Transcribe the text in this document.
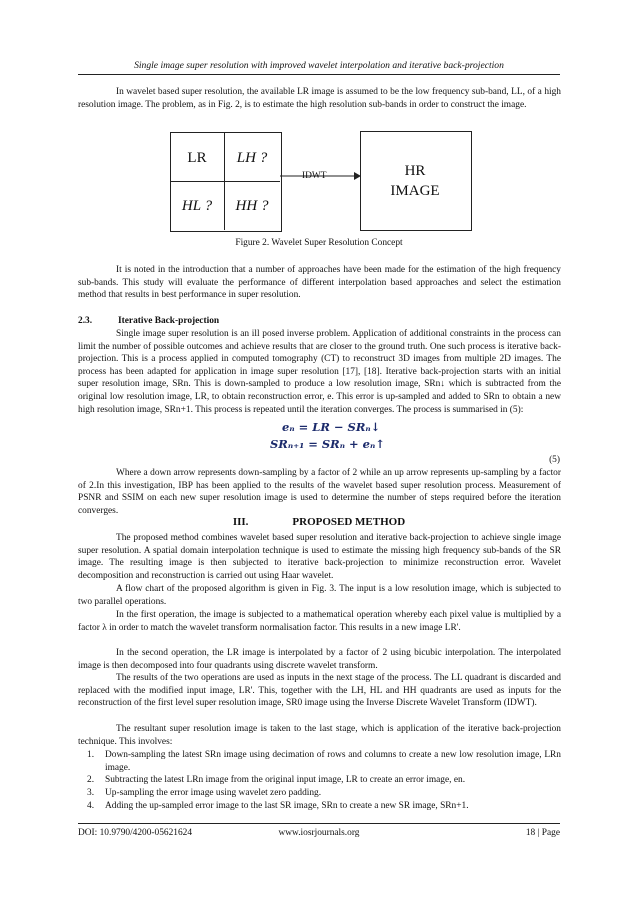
Single image super resolution with improved wavelet interpolation and iterative back-projection

In wavelet based super resolution, the available LR image is assumed to be the low frequency sub-band, LL, of a high resolution image. The problem, as in Fig. 2, is to estimate the high resolution sub-bands in order to construct the image.

LR	LH ?
HL ?	HH ?
IDWT	HR
IMAGE
Figure 2. Wavelet Super Resolution Concept

It is noted in the introduction that a number of approaches have been made for the estimation of the high frequency sub-bands. This study will evaluate the performance of different interpolation based approaches and select the estimation method that results in best performance in super resolution.

2.3.	Iterative Back-projection

Single image super resolution is an ill posed inverse problem. Application of additional constraints in the process can limit the number of possible outcomes and achieve results that are closer to the ground truth. One such process is iterative back-projection. This is a process applied in computed tomography (CT) to reconstruct 3D images from multiple 2D images. The process has been adapted for application in image super resolution [17], [18]. Iterative back-projection starts with an initial super resolution image, SRn. This is down-sampled to produce a low resolution image, SRn↓ which is subtracted from the original low resolution image, LR, to obtain reconstruction error, e. This error is up-sampled and added to SRn to obtain a new high resolution image, SRn+1. This process is repeated until the iteration converges. The process is summarised in (5):

eₙ = LR − SRₙ↓
SRₙ₊₁ = SRₙ + eₙ↑
(5)

Where a down arrow represents down-sampling by a factor of 2 while an up arrow represents up-sampling by a factor of 2.In this investigation, IBP has been applied to the results of the wavelet based super resolution process. Measurement of PSNR and SSIM on each new super resolution image is used to determine the number of steps required before the iteration converges.

III.	PROPOSED METHOD

The proposed method combines wavelet based super resolution and iterative back-projection to achieve single image super resolution. A spatial domain interpolation technique is used to estimate the missing high frequency sub-bands of the SR image. The resulting image is then subjected to iterative back-projection to minimize reconstruction error. Wavelet decomposition and reconstruction is carried out using Haar wavelet.

A flow chart of the proposed algorithm is given in Fig. 3. The input is a low resolution image, which is subjected to two parallel operations.

In the first operation, the image is subjected to a mathematical operation whereby each pixel value is multiplied by a factor λ in order to match the wavelet transform normalisation factor. This results in a new image LR'.

In the second operation, the LR image is interpolated by a factor of 2 using bicubic interpolation. The interpolated image is then decomposed into four quadrants using discrete wavelet transform.

The results of the two operations are used as inputs in the next stage of the process. The LL quadrant is discarded and replaced with the modified input image, LR'. This, together with the LH, HL and HH quadrants are used as inputs for the reconstruction of the first level super resolution image, SR0 image using the Inverse Discrete Wavelet Transform (IDWT).

The resultant super resolution image is taken to the last stage, which is application of the iterative back-projection technique. This involves:

1. Down-sampling the latest SRn image using decimation of rows and columns to create a new low resolution image, LRn image.
2. Subtracting the latest LRn image from the original input image, LR to create an error image, en.
3. Up-sampling the error image using wavelet zero padding.
4. Adding the up-sampled error image to the last SR image, SRn to create a new SR image, SRn+1.
DOI: 10.9790/4200-05621624	www.iosrjournals.org	18 | Page
